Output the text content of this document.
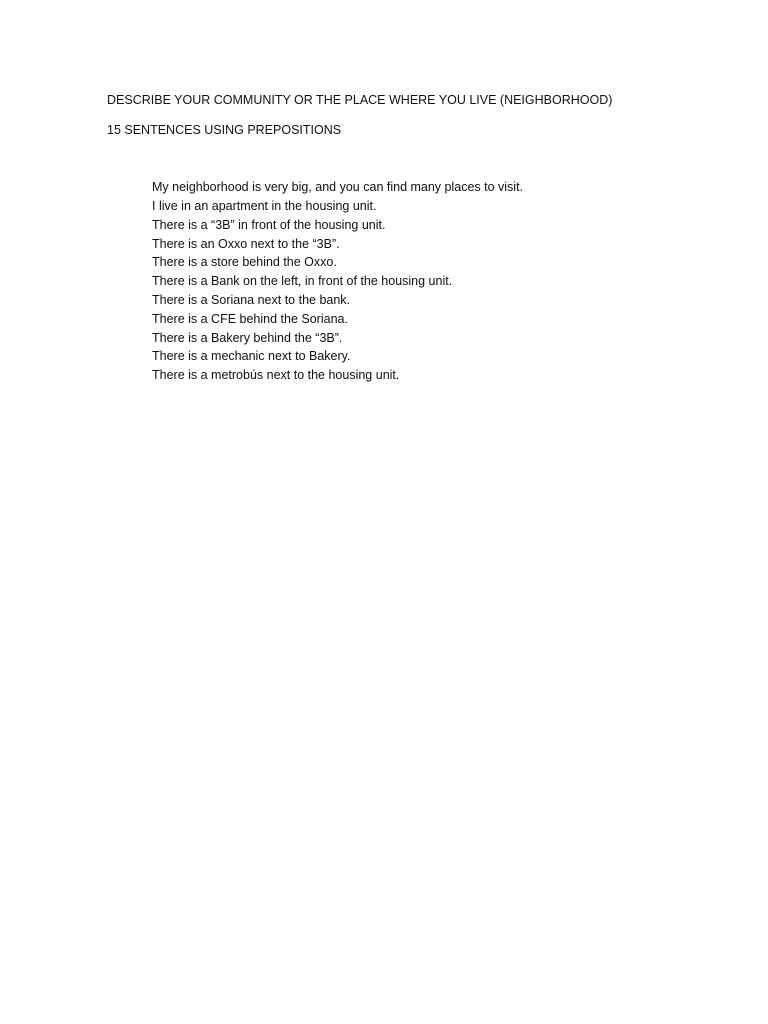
DESCRIBE YOUR COMMUNITY OR THE PLACE WHERE YOU LIVE (NEIGHBORHOOD)
15 SENTENCES USING PREPOSITIONS
My neighborhood is very big, and you can find many places to visit.
I live in an apartment in the housing unit.
There is a “3B” in front of the housing unit.
There is an Oxxo next to the “3B”.
There is a store behind the Oxxo.
There is a Bank on the left, in front of the housing unit.
There is a Soriana next to the bank.
There is a CFE behind the Soriana.
There is a Bakery behind the “3B”.
There is a mechanic next to Bakery.
There is a metrobús next to the housing unit.
